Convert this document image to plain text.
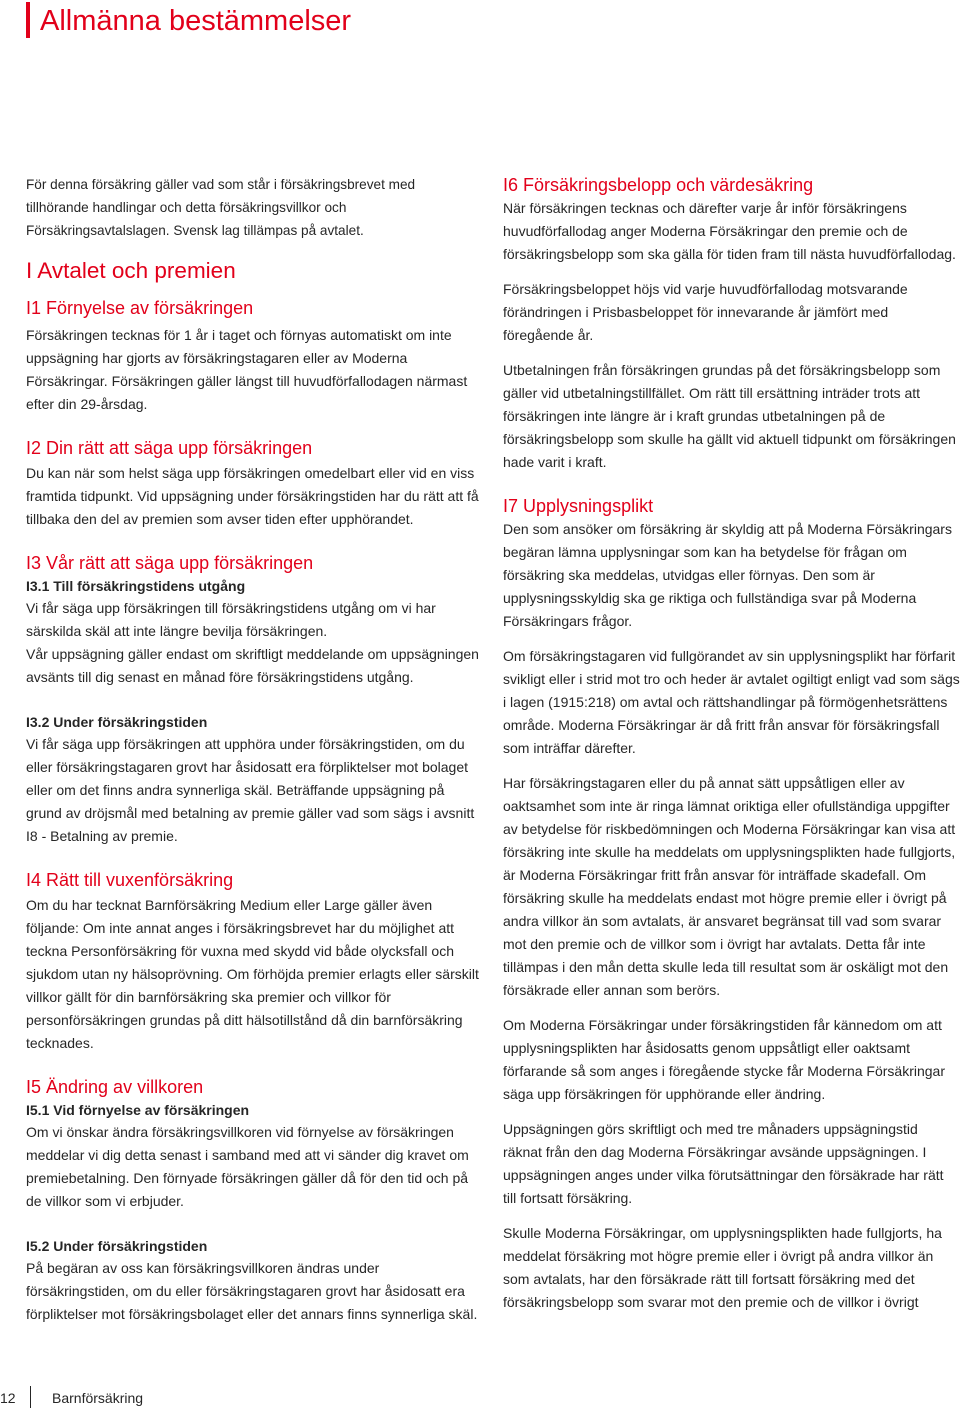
Allmänna bestämmelser

För denna försäkring gäller vad som står i försäkringsbrevet med tillhörande handlingar och detta försäkringsvillkor och Försäkringsavtalslagen. Svensk lag tillämpas på avtalet.

I Avtalet och premien
I1 Förnyelse av försäkringen

Försäkringen tecknas för 1 år i taget och förnyas automatiskt om inte uppsägning har gjorts av försäkringstagaren eller av Moderna Försäkringar. Försäkringen gäller längst till huvudförfallodagen närmast efter din 29-årsdag.

I2 Din rätt att säga upp försäkringen

Du kan när som helst säga upp försäkringen omedelbart eller vid en viss framtida tidpunkt. Vid uppsägning under försäkringstiden har du rätt att få tillbaka den del av premien som avser tiden efter upphörandet.

I3 Vår rätt att säga upp försäkringen
I3.1 Till försäkringstidens utgång

Vi får säga upp försäkringen till försäkringstidens utgång om vi har särskilda skäl att inte längre bevilja försäkringen.

Vår uppsägning gäller endast om skriftligt meddelande om uppsägningen avsänts till dig senast en månad före försäkringstidens utgång.

I3.2 Under försäkringstiden

Vi får säga upp försäkringen att upphöra under försäkringstiden, om du eller försäkringstagaren grovt har åsidosatt era förpliktelser mot bolaget eller om det finns andra synnerliga skäl. Beträffande uppsägning på grund av dröjsmål med betalning av premie gäller vad som sägs i avsnitt I8 - Betalning av premie.

I4 Rätt till vuxenförsäkring

Om du har tecknat Barnförsäkring Medium eller Large gäller även följande: Om inte annat anges i försäkringsbrevet har du möjlighet att teckna Personförsäkring för vuxna med skydd vid både olycksfall och sjukdom utan ny hälsoprövning. Om förhöjda premier erlagts eller särskilt villkor gällt för din barnförsäkring ska premier och villkor för personförsäkringen grundas på ditt hälsotillstånd då din barnförsäkring tecknades.

I5 Ändring av villkoren
I5.1 Vid förnyelse av försäkringen

Om vi önskar ändra försäkringsvillkoren vid förnyelse av försäkringen meddelar vi dig detta senast i samband med att vi sänder dig kravet om premiebetalning. Den förnyade försäkringen gäller då för den tid och på de villkor som vi erbjuder.

I5.2 Under försäkringstiden

På begäran av oss kan försäkringsvillkoren ändras under försäkringstiden, om du eller försäkringstagaren grovt har åsidosatt era förpliktelser mot försäkringsbolaget eller det annars finns synnerliga skäl.

I6 Försäkringsbelopp och värdesäkring

När försäkringen tecknas och därefter varje år inför försäkringens huvudförfallodag anger Moderna Försäkringar den premie och de försäkringsbelopp som ska gälla för tiden fram till nästa huvudförfallodag.

Försäkringsbeloppet höjs vid varje huvudförfallodag motsvarande förändringen i Prisbasbeloppet för innevarande år jämfört med föregående år.

Utbetalningen från försäkringen grundas på det försäkringsbelopp som gäller vid utbetalningstillfället. Om rätt till ersättning inträder trots att försäkringen inte längre är i kraft grundas utbetalningen på de försäkringsbelopp som skulle ha gällt vid aktuell tidpunkt om försäkringen hade varit i kraft.

I7 Upplysningsplikt

Den som ansöker om försäkring är skyldig att på Moderna Försäkringars begäran lämna upplysningar som kan ha betydelse för frågan om försäkring ska meddelas, utvidgas eller förnyas. Den som är upplysningsskyldig ska ge riktiga och fullständiga svar på Moderna Försäkringars frågor.

Om försäkringstagaren vid fullgörandet av sin upplysningsplikt har förfarit svikligt eller i strid mot tro och heder är avtalet ogiltigt enligt vad som sägs i lagen (1915:218) om avtal och rättshandlingar på förmögenhetsrättens område. Moderna Försäkringar är då fritt från ansvar för försäkringsfall som inträffar därefter.

Har försäkringstagaren eller du på annat sätt uppsåtligen eller av oaktsamhet som inte är ringa lämnat oriktiga eller ofullständiga uppgifter av betydelse för riskbedömningen och Moderna Försäkringar kan visa att försäkring inte skulle ha meddelats om upplysningsplikten hade fullgjorts, är Moderna Försäkringar fritt från ansvar för inträffade skadefall. Om försäkring skulle ha meddelats endast mot högre premie eller i övrigt på andra villkor än som avtalats, är ansvaret begränsat till vad som svarar mot den premie och de villkor som i övrigt har avtalats. Detta får inte tillämpas i den mån detta skulle leda till resultat som är oskäligt mot den försäkrade eller annan som berörs.

Om Moderna Försäkringar under försäkringstiden får kännedom om att upplysningsplikten har åsidosatts genom uppsåtligt eller oaktsamt förfarande så som anges i föregående stycke får Moderna Försäkringar säga upp försäkringen för upphörande eller ändring.

Uppsägningen görs skriftligt och med tre månaders uppsägningstid räknat från den dag Moderna Försäkringar avsände uppsägningen. I uppsägningen anges under vilka förutsättningar den försäkrade har rätt till fortsatt försäkring.

Skulle Moderna Försäkringar, om upplysningsplikten hade fullgjorts, ha meddelat försäkring mot högre premie eller i övrigt på andra villkor än som avtalats, har den försäkrade rätt till fortsatt försäkring med det försäkringsbelopp som svarar mot den premie och de villkor i övrigt

12	Barnförsäkring
